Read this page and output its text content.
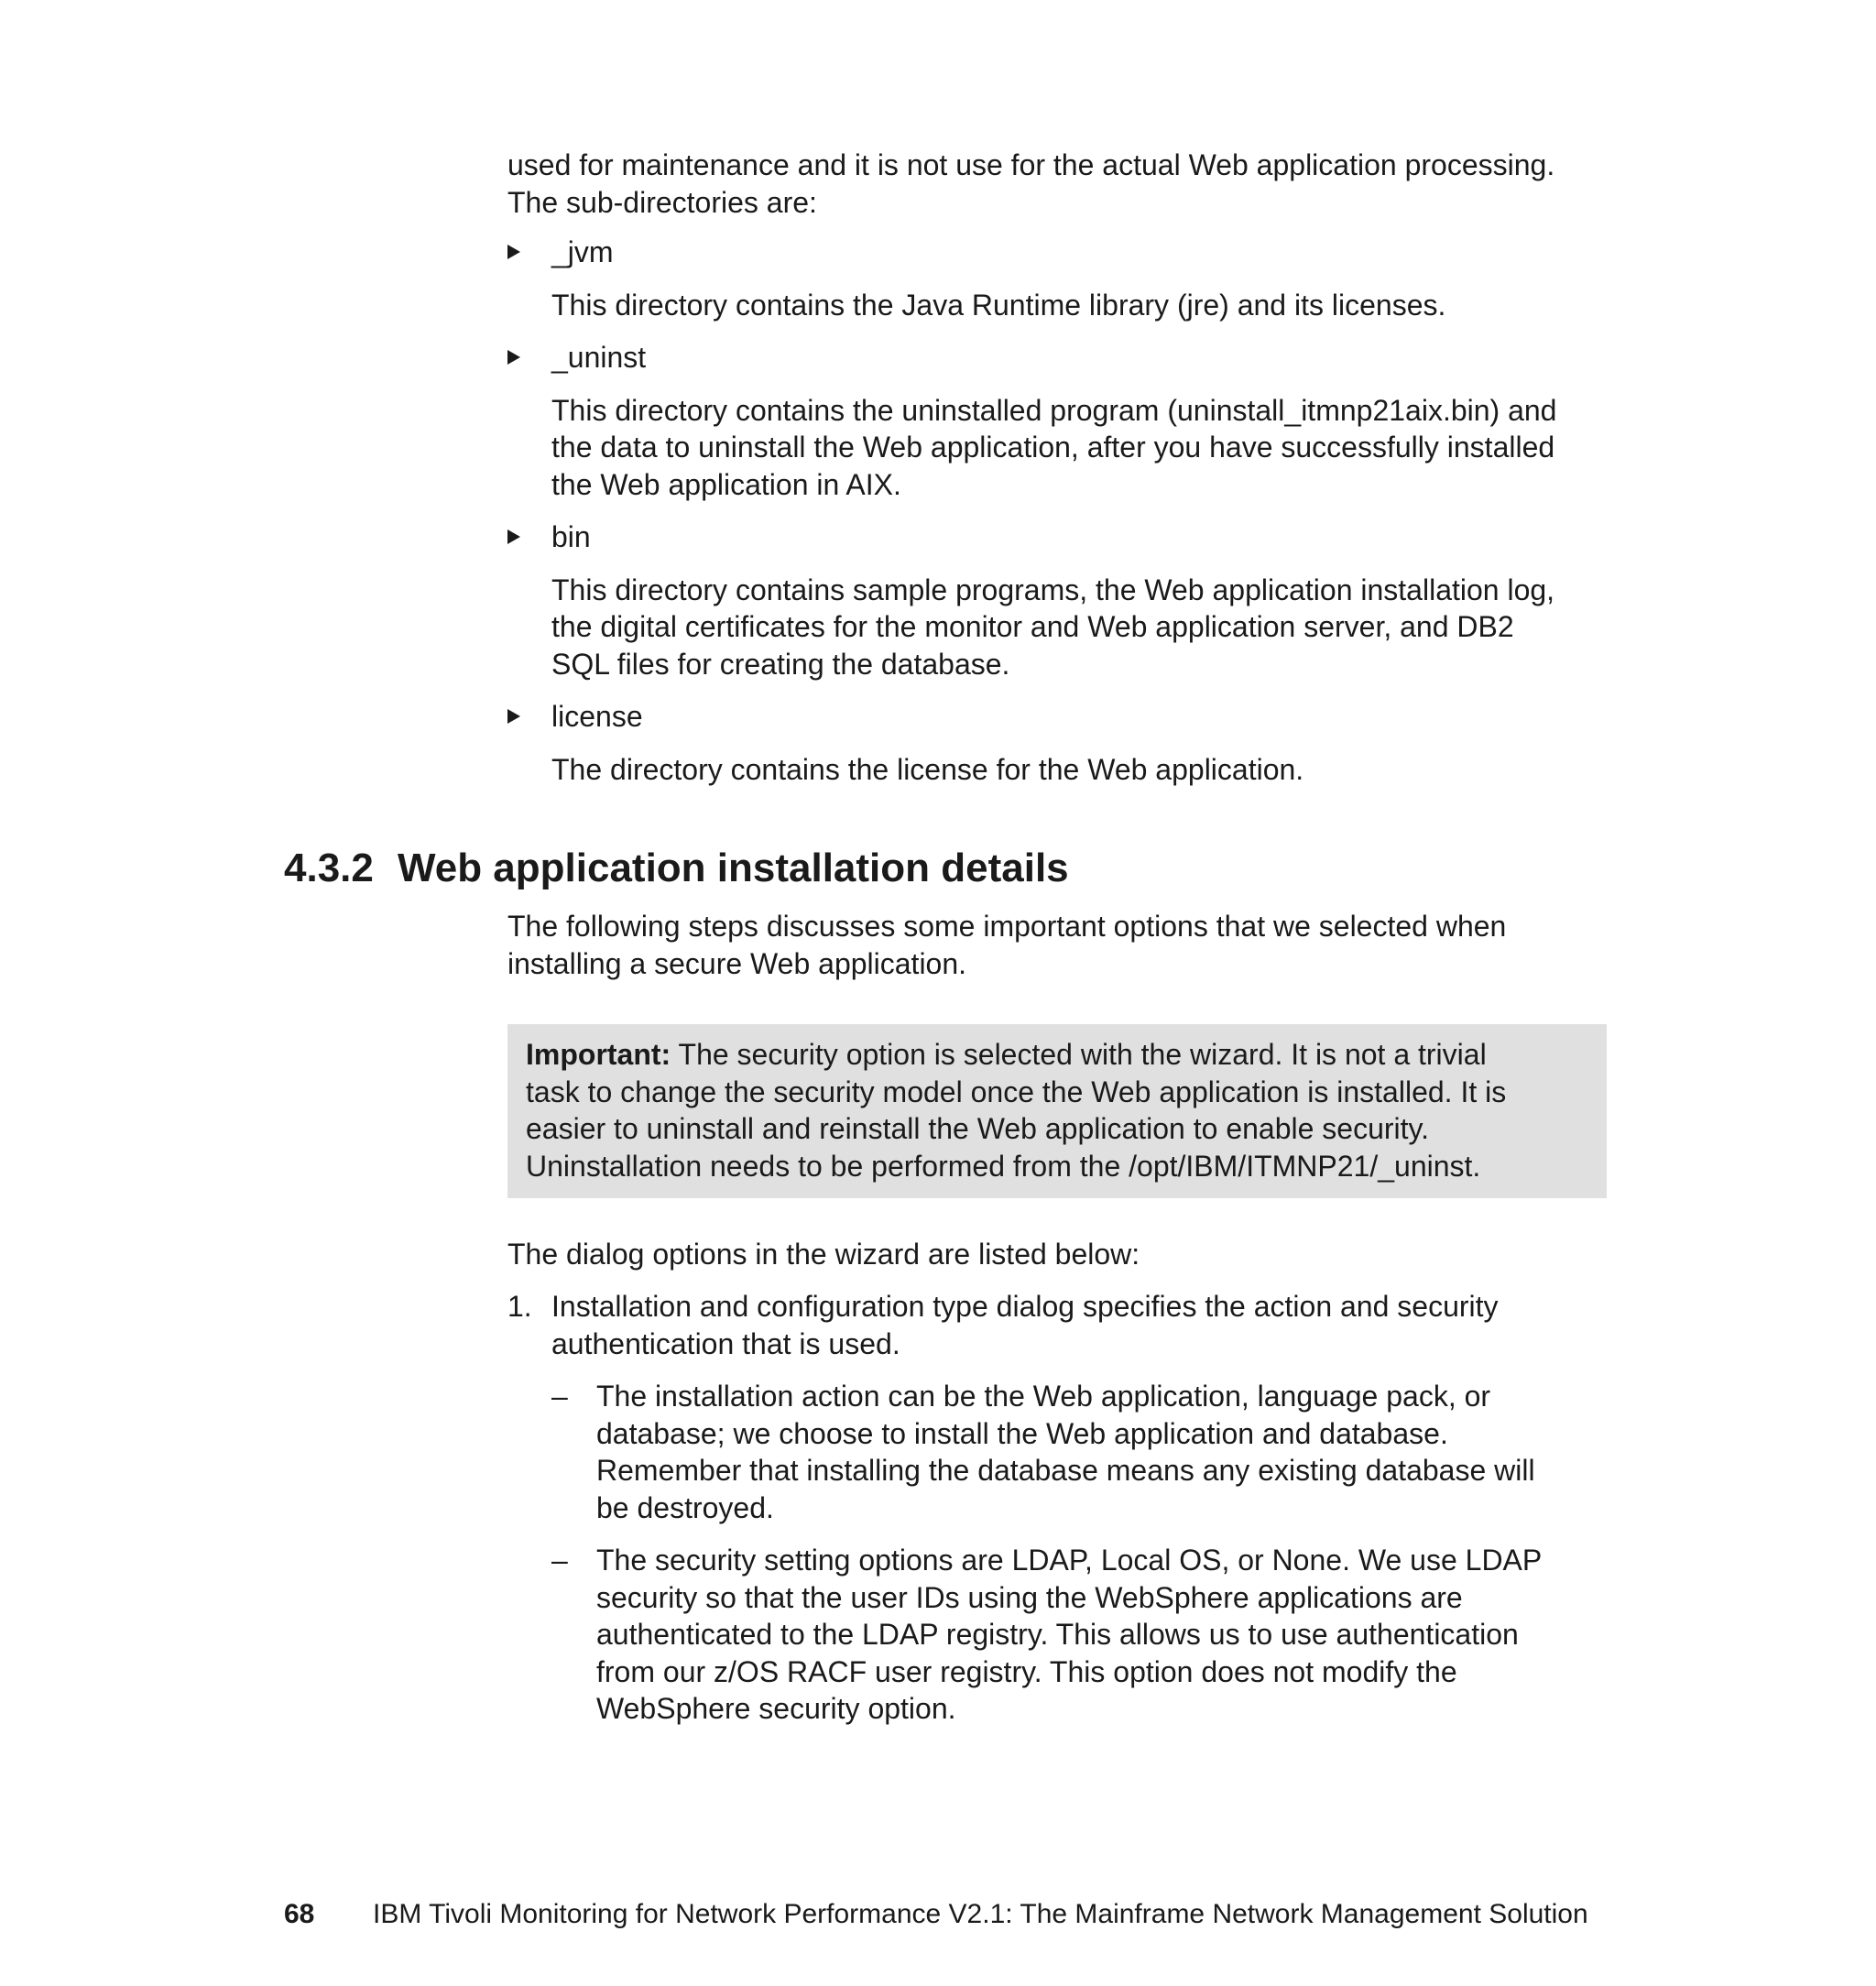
used for maintenance and it is not use for the actual Web application processing.

The sub-directories are:

_jvm
This directory contains the Java Runtime library (jre) and its licenses.
_uninst
This directory contains the uninstalled program (uninstall_itmnp21aix.bin) and
the data to uninstall the Web application, after you have successfully installed
the Web application in AIX.
bin
This directory contains sample programs, the Web application installation log,
the digital certificates for the monitor and Web application server, and DB2
SQL files for creating the database.
license
The directory contains the license for the Web application.
4.3.2 Web application installation details

The following steps discusses some important options that we selected when

installing a secure Web application.

Important: The security option is selected with the wizard. It is not a trivial

task to change the security model once the Web application is installed. It is

easier to uninstall and reinstall the Web application to enable security.

Uninstallation needs to be performed from the /opt/IBM/ITMNP21/_uninst.

The dialog options in the wizard are listed below:

1. Installation and configuration type dialog specifies the action and security
authentication that is used.
– The installation action can be the Web application, language pack, or
database; we choose to install the Web application and database.
Remember that installing the database means any existing database will
be destroyed.
– The security setting options are LDAP, Local OS, or None. We use LDAP
security so that the user IDs using the WebSphere applications are
authenticated to the LDAP registry. This allows us to use authentication
from our z/OS RACF user registry. This option does not modify the
WebSphere security option.
68 IBM Tivoli Monitoring for Network Performance V2.1: The Mainframe Network Management Solution
